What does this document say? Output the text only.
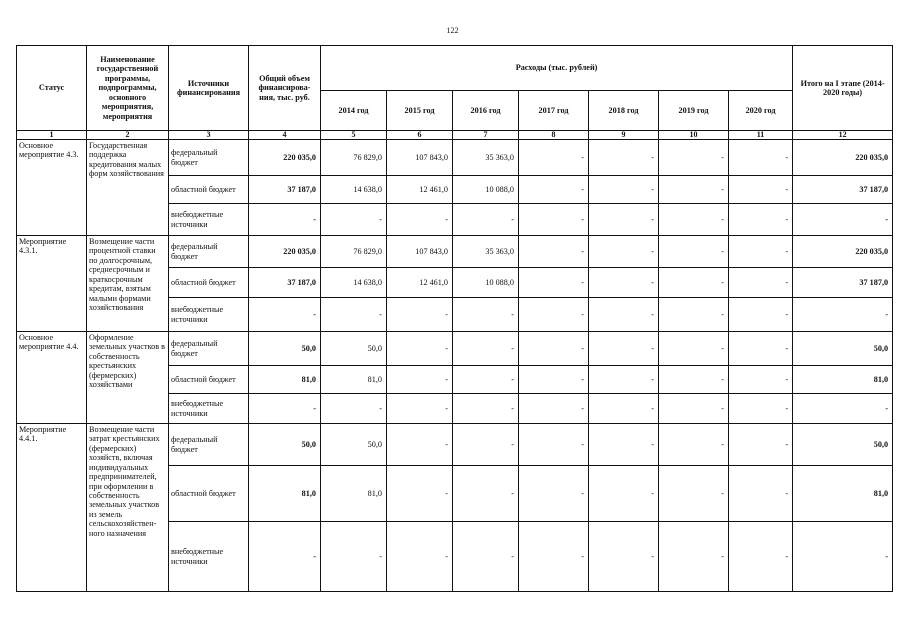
122
Статус	Наименование государственной программы, подпрограммы, основного мероприятия, мероприятия	Источники финансирования	Общий объем финансирова-ния, тыс. руб.	Расходы (тыс. рублей)							Итого на I этапе (2014-2020 годы)
				2014 год	2015 год	2016 год	2017 год	2018 год	2019 год	2020 год	
1	2	3	4	5	6	7	8	9	10	11	12
Основное мероприятие 4.3.	Государственная поддержка кредитования малых форм хозяйствования	федеральный бюджет	220 035,0	76 829,0	107 843,0	35 363,0	-	-	-	-	220 035,0
		областной бюджет	37 187,0	14 638,0	12 461,0	10 088,0	-	-	-	-	37 187,0
		внебюджетные источники	-	-	-	-	-	-	-	-	-
Мероприятие 4.3.1.	Возмещение части процентной ставки по долгосрочным, среднесрочным и краткосрочным кредитам, взятым малыми формами хозяйствования	федеральный бюджет	220 035,0	76 829,0	107 843,0	35 363,0	-	-	-	-	220 035,0
		областной бюджет	37 187,0	14 638,0	12 461,0	10 088,0	-	-	-	-	37 187,0
		внебюджетные источники	-	-	-	-	-	-	-	-	-
Основное мероприятие 4.4.	Оформление земельных участков в собственность крестьянских (фермерских) хозяйствами	федеральный бюджет	50,0	50,0	-	-	-	-	-	-	50,0
		областной бюджет	81,0	81,0	-	-	-	-	-	-	81,0
		внебюджетные источники	-	-	-	-	-	-	-	-	-
Мероприятие 4.4.1.	Возмещение части затрат крестьянских (фермерских) хозяйств, включая индивидуальных предпринимателей, при оформлении в собственность земельных участков из земель сельскохозяйствен-ного назначения	федеральный бюджет	50,0	50,0	-	-	-	-	-	-	50,0
		областной бюджет	81,0	81,0	-	-	-	-	-	-	81,0
		внебюджетные источники	-	-	-	-	-	-	-	-	-
